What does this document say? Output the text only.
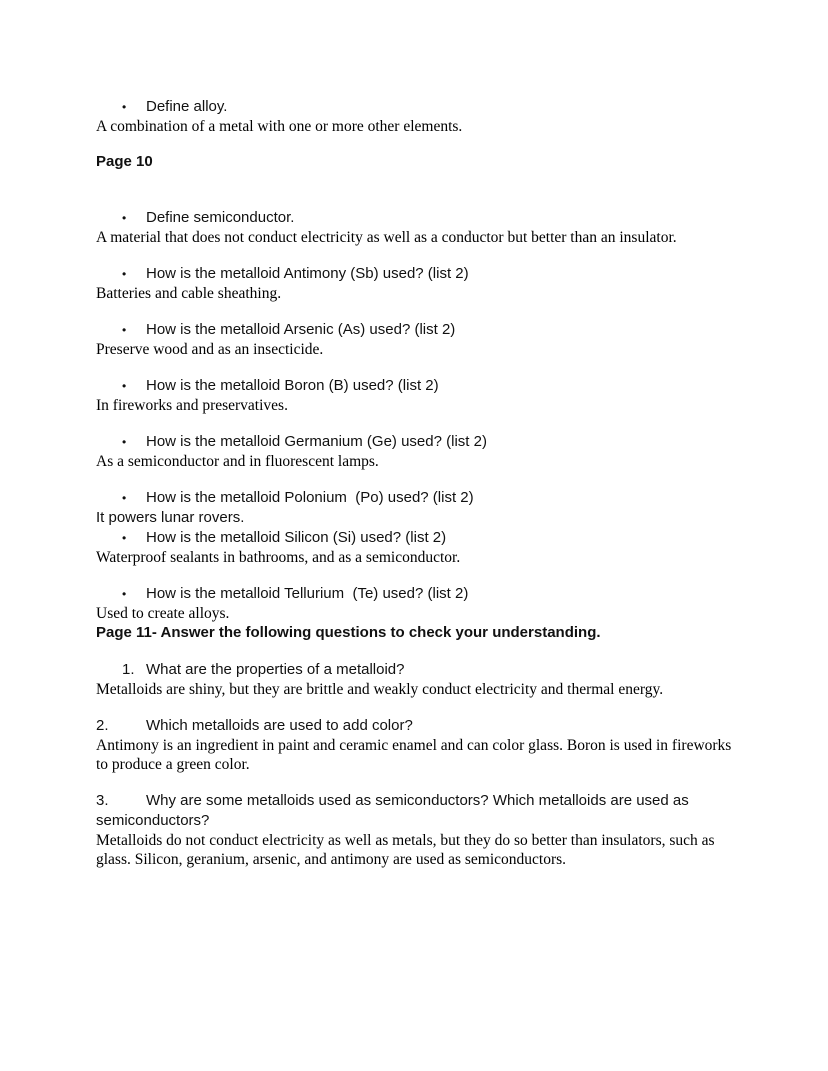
•	Define alloy.
A combination of a metal with one or more other elements.
Page 10
•	Define semiconductor.
A material that does not conduct electricity as well as a conductor but better than an insulator.
•	How is the metalloid Antimony (Sb) used? (list 2)
Batteries and cable sheathing.
•	How is the metalloid Arsenic (As) used? (list 2)
Preserve wood and as an insecticide.
•	How is the metalloid Boron (B) used? (list 2)
In fireworks and preservatives.
•	How is the metalloid Germanium (Ge) used? (list 2)
As a semiconductor and in fluorescent lamps.
•	How is the metalloid Polonium  (Po) used? (list 2)
It powers lunar rovers.
•	How is the metalloid Silicon (Si) used? (list 2)
Waterproof sealants in bathrooms, and as a semiconductor.
•	How is the metalloid Tellurium  (Te) used? (list 2)
Used to create alloys.
Page 11- Answer the following questions to check your understanding.
1. What are the properties of a metalloid?
Metalloids are shiny, but they are brittle and weakly conduct electricity and thermal energy.
2. Which metalloids are used to add color?
Antimony is an ingredient in paint and ceramic enamel and can color glass. Boron is used in fireworks to produce a green color.
3. Why are some metalloids used as semiconductors? Which metalloids are used as semiconductors?
Metalloids do not conduct electricity as well as metals, but they do so better than insulators, such as glass. Silicon, geranium, arsenic, and antimony are used as semiconductors.
